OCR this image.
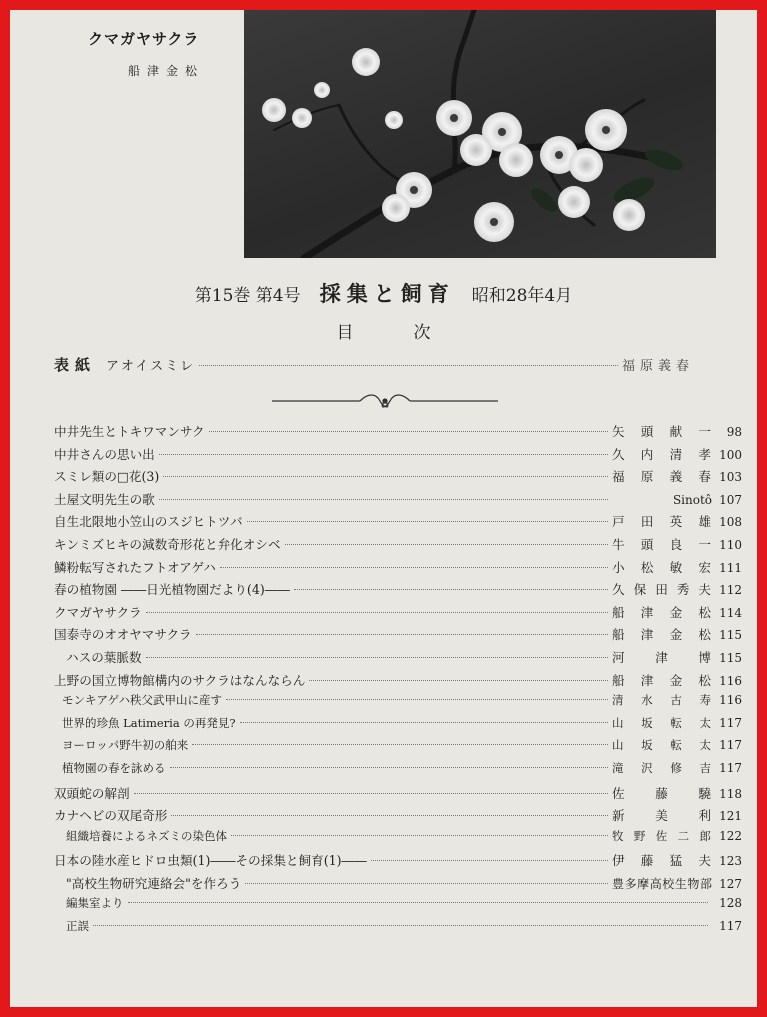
クマガヤサクラ
船津金松
第15巻 第4号 採集と飼育 昭和28年4月
目次
表紙 アオイスミレ	福原義春
中井先生とトキワマンサク	矢頭献一	98
中井さんの思い出	久内清孝 100
スミレ類の□花(3)	福原義春 103
土屋文明先生の歌	Sinotô 107
自生北限地小笠山のスジヒトツバ	戸田英雄 108
キンミズヒキの減数奇形花と弁化オシベ	牛頭良一 110
鱗粉転写されたフトオアゲハ	小松敏宏 111
春の植物園 ――日光植物園だより(4)――	久保田秀夫 112
クマガヤサクラ	船津金松 114
国泰寺のオオヤマサクラ	船津金松 115
ハスの葉脈数	河津博 115
上野の国立博物館構内のサクラはなんならん	船津金松 116
モンキアゲハ秩父武甲山に産す	清水古寿 116
世界的珍魚 Latimeria の再発見?	山坂転太 117
ヨーロッパ野牛初の舶来	山坂転太 117
植物園の春を詠める	滝沢修吉 117
双頭蛇の解剖	佐藤驍 118
カナヘビの双尾奇形	新美利 121
組織培養によるネズミの染色体	牧野佐二郎 122
日本の陸水産ヒドロ虫類(1)――その採集と飼育(1)――	伊藤猛夫 123
"高校生物研究連絡会"を作ろう	豊多摩高校生物部 127
編集室より	128
正誤	117
